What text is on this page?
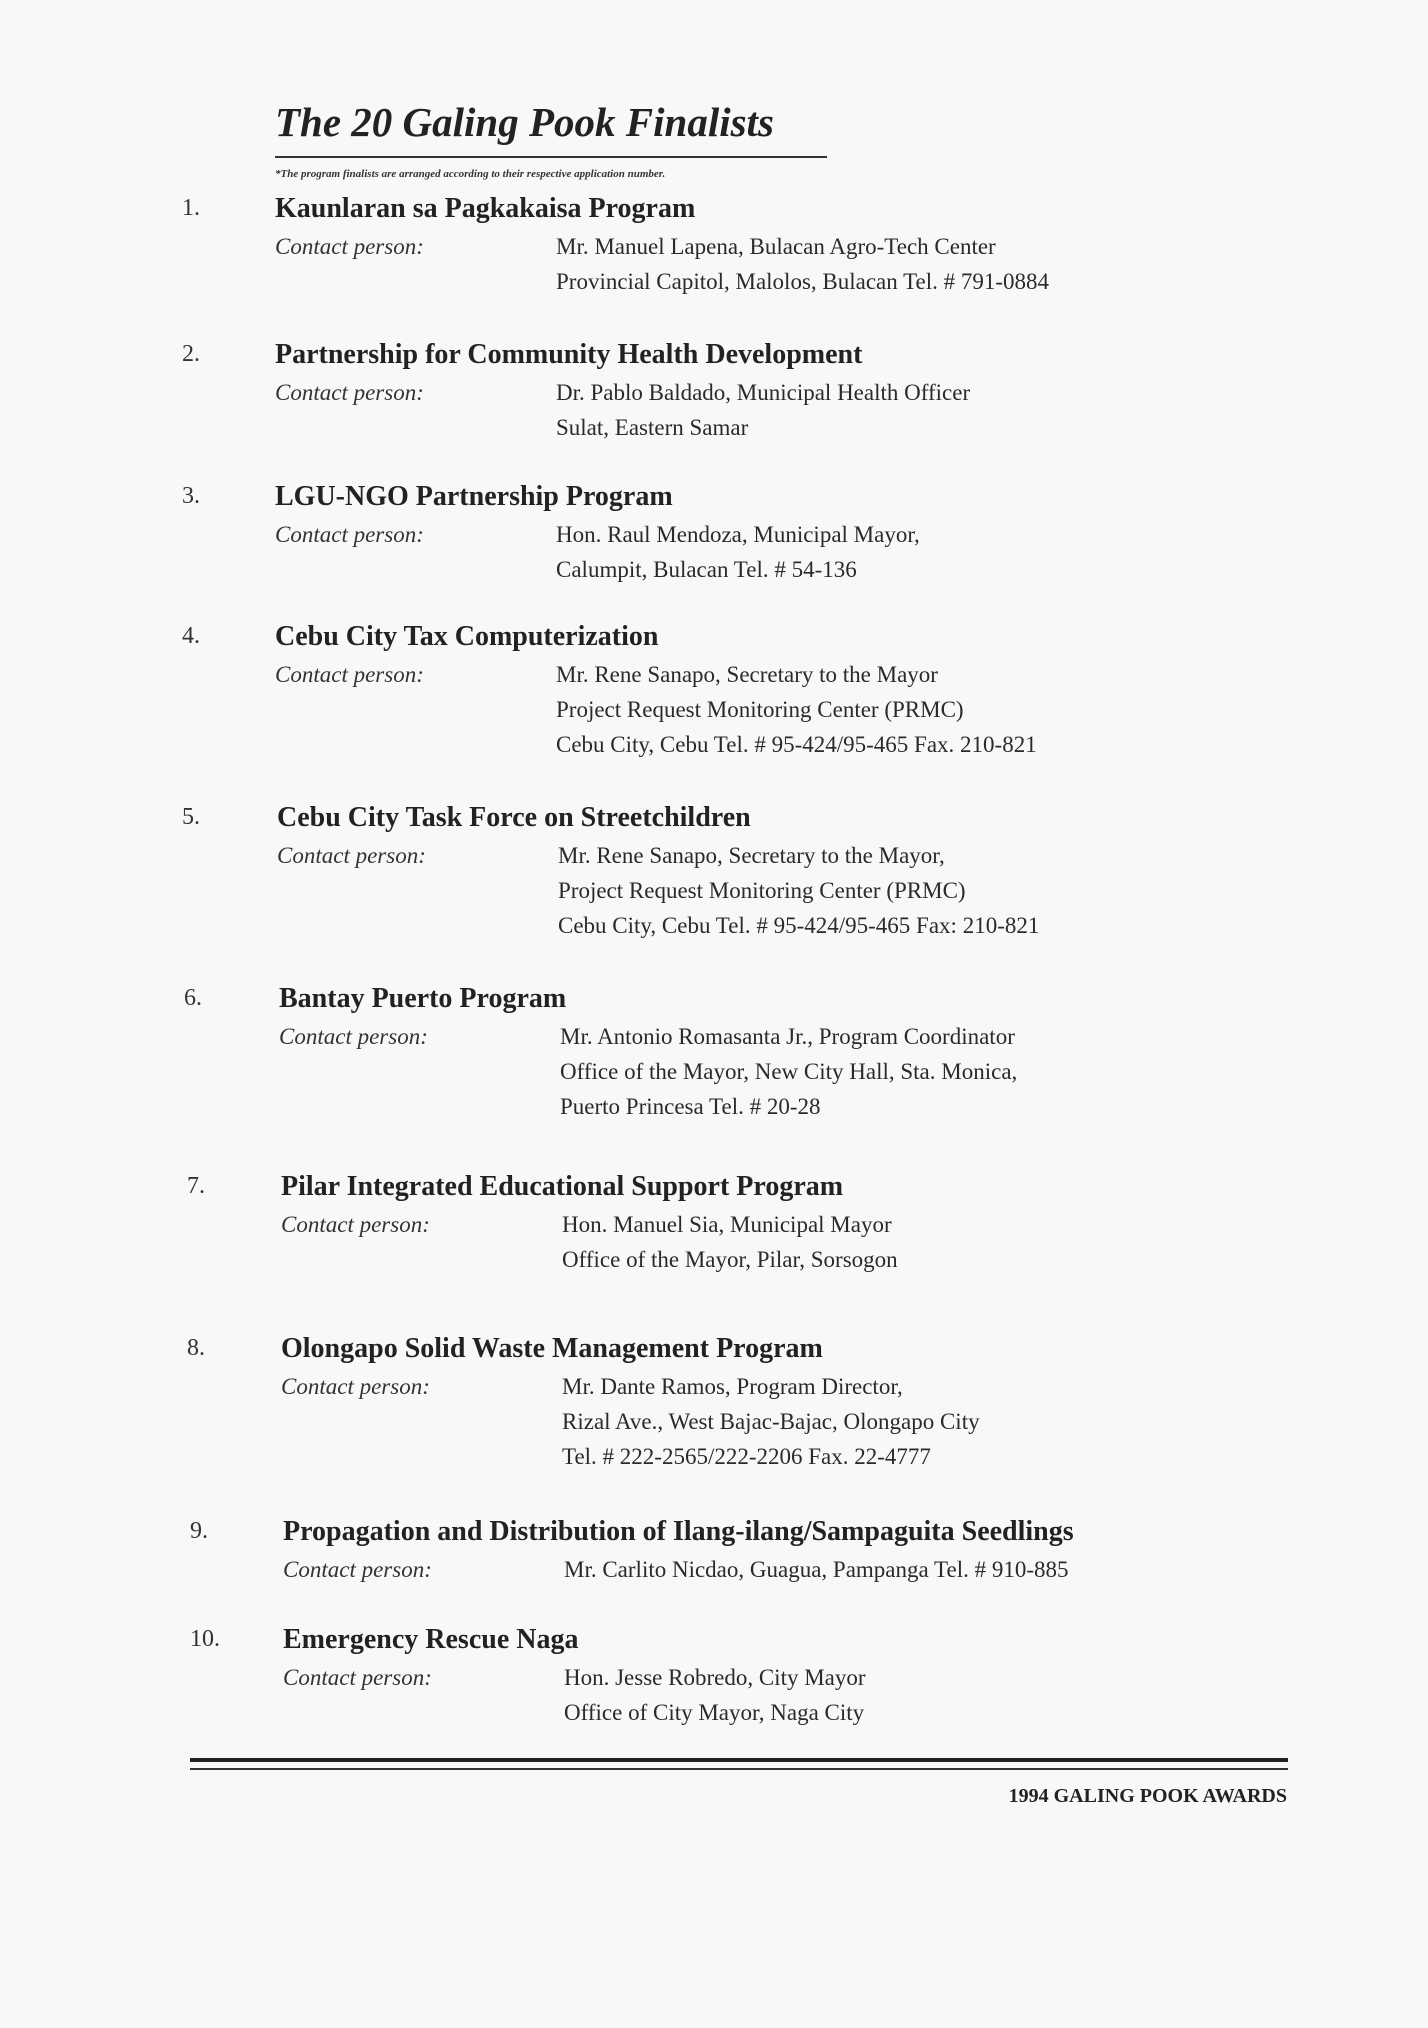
The 20 Galing Pook Finalists
*The program finalists are arranged according to their respective application number.
1.	Kaunlaran sa Pagkakaisa Program
Contact person:	Mr. Manuel Lapena, Bulacan Agro-Tech Center
Provincial Capitol, Malolos, Bulacan Tel. # 791-0884
2.	Partnership for Community Health Development
Contact person:	Dr. Pablo Baldado, Municipal Health Officer
Sulat, Eastern Samar
3.	LGU-NGO Partnership Program
Contact person:	Hon. Raul Mendoza, Municipal Mayor,
Calumpit, Bulacan Tel. # 54-136
4.	Cebu City Tax Computerization
Contact person:	Mr. Rene Sanapo, Secretary to the Mayor
Project Request Monitoring Center (PRMC)
Cebu City, Cebu Tel. # 95-424/95-465 Fax. 210-821
5.	Cebu City Task Force on Streetchildren
Contact person:	Mr. Rene Sanapo, Secretary to the Mayor,
Project Request Monitoring Center (PRMC)
Cebu City, Cebu Tel. # 95-424/95-465 Fax: 210-821
6.	Bantay Puerto Program
Contact person:	Mr. Antonio Romasanta Jr., Program Coordinator
Office of the Mayor, New City Hall, Sta. Monica,
Puerto Princesa Tel. # 20-28
7.	Pilar Integrated Educational Support Program
Contact person:	Hon. Manuel Sia, Municipal Mayor
Office of the Mayor, Pilar, Sorsogon
8.	Olongapo Solid Waste Management Program
Contact person:	Mr. Dante Ramos, Program Director,
Rizal Ave., West Bajac-Bajac, Olongapo City
Tel. # 222-2565/222-2206 Fax. 22-4777
9.	Propagation and Distribution of Ilang-ilang/Sampaguita Seedlings
Contact person:	Mr. Carlito Nicdao, Guagua, Pampanga Tel. # 910-885
10. Emergency Rescue Naga
Contact person:	Hon. Jesse Robredo, City Mayor
Office of City Mayor, Naga City
1994 GALING POOK AWARDS
